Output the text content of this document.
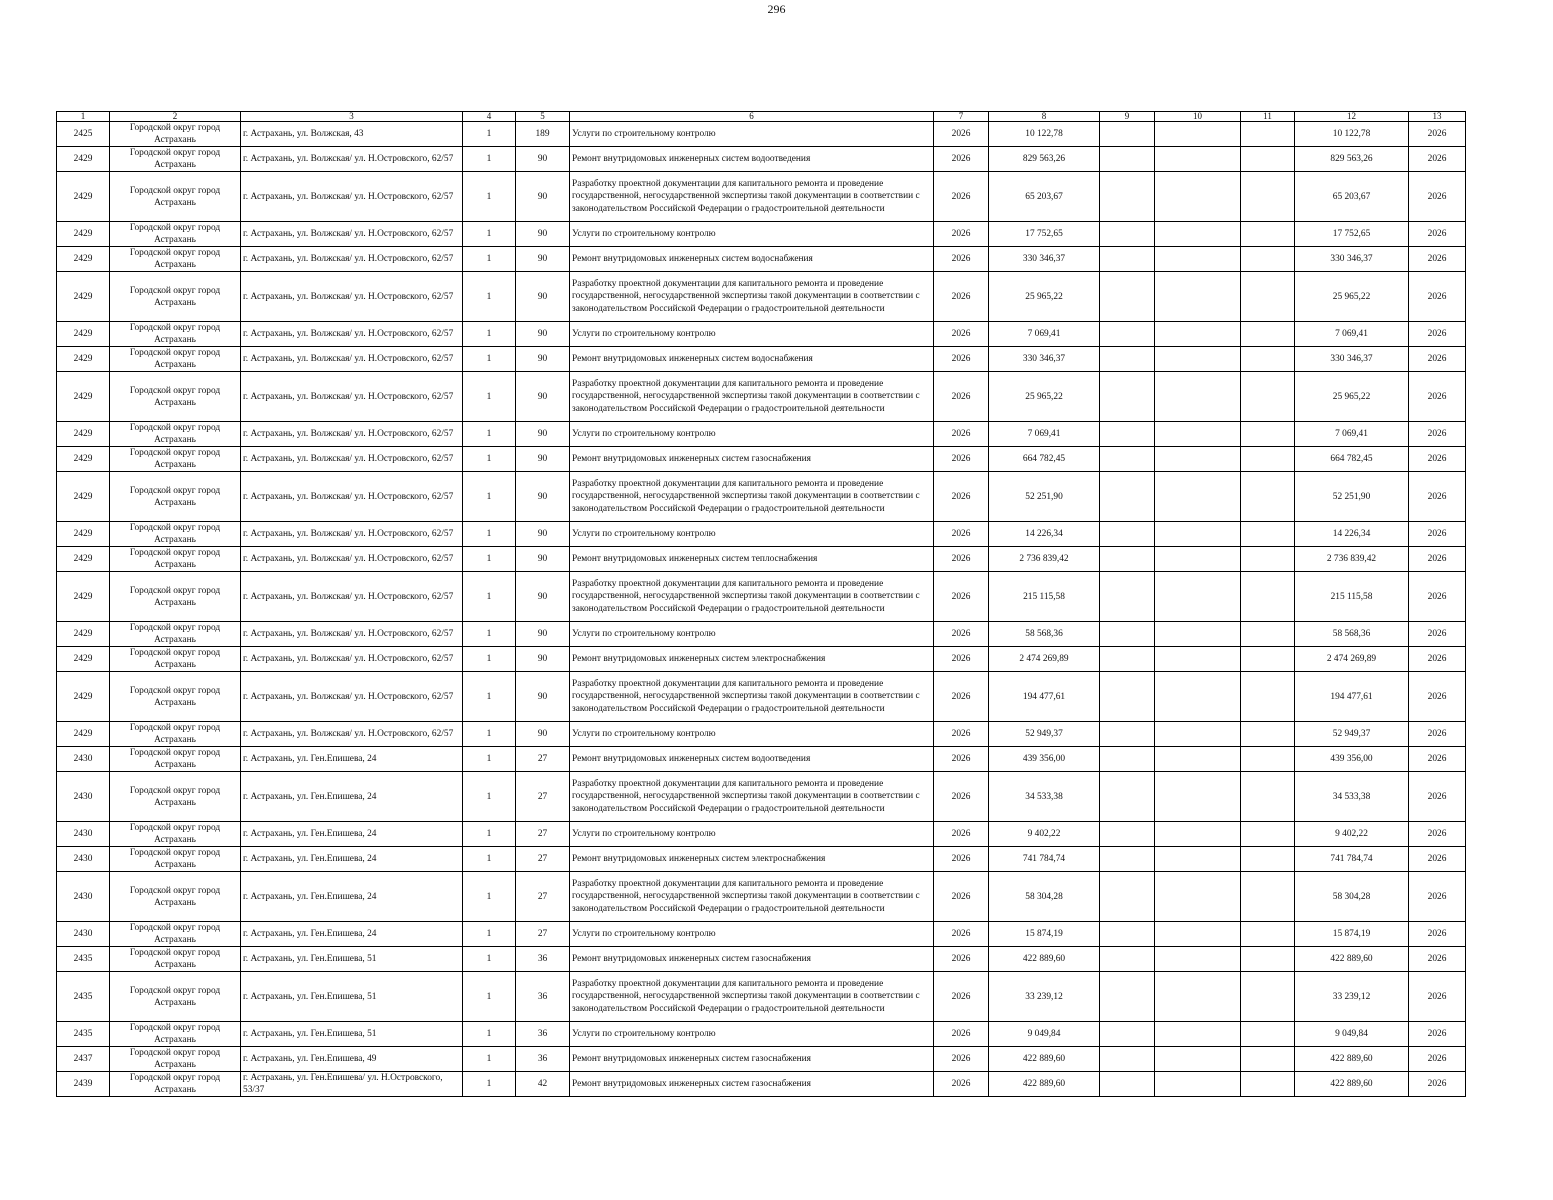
296
1	2	3	4	5	6	7	8	9	10	11	12	13
2425	Городской округ город Астрахань	г. Астрахань, ул. Волжская, 43	1	189	Услуги по строительному контролю	2026	10 122,78				10 122,78	2026
2429	Городской округ город Астрахань	г. Астрахань, ул. Волжская/ ул. Н.Островского, 62/57	1	90	Ремонт внутридомовых инженерных систем водоотведения	2026	829 563,26				829 563,26	2026
2429	Городской округ город Астрахань	г. Астрахань, ул. Волжская/ ул. Н.Островского, 62/57	1	90	Разработку проектной документации для капитального ремонта и проведение государственной, негосударственной экспертизы такой документации в соответствии с законодательством Российской Федерации о градостроительной деятельности	2026	65 203,67				65 203,67	2026
2429	Городской округ город Астрахань	г. Астрахань, ул. Волжская/ ул. Н.Островского, 62/57	1	90	Услуги по строительному контролю	2026	17 752,65				17 752,65	2026
2429	Городской округ город Астрахань	г. Астрахань, ул. Волжская/ ул. Н.Островского, 62/57	1	90	Ремонт внутридомовых инженерных систем водоснабжения	2026	330 346,37				330 346,37	2026
2429	Городской округ город Астрахань	г. Астрахань, ул. Волжская/ ул. Н.Островского, 62/57	1	90	Разработку проектной документации для капитального ремонта и проведение государственной, негосударственной экспертизы такой документации в соответствии с законодательством Российской Федерации о градостроительной деятельности	2026	25 965,22				25 965,22	2026
2429	Городской округ город Астрахань	г. Астрахань, ул. Волжская/ ул. Н.Островского, 62/57	1	90	Услуги по строительному контролю	2026	7 069,41				7 069,41	2026
2429	Городской округ город Астрахань	г. Астрахань, ул. Волжская/ ул. Н.Островского, 62/57	1	90	Ремонт внутридомовых инженерных систем водоснабжения	2026	330 346,37				330 346,37	2026
2429	Городской округ город Астрахань	г. Астрахань, ул. Волжская/ ул. Н.Островского, 62/57	1	90	Разработку проектной документации для капитального ремонта и проведение государственной, негосударственной экспертизы такой документации в соответствии с законодательством Российской Федерации о градостроительной деятельности	2026	25 965,22				25 965,22	2026
2429	Городской округ город Астрахань	г. Астрахань, ул. Волжская/ ул. Н.Островского, 62/57	1	90	Услуги по строительному контролю	2026	7 069,41				7 069,41	2026
2429	Городской округ город Астрахань	г. Астрахань, ул. Волжская/ ул. Н.Островского, 62/57	1	90	Ремонт внутридомовых инженерных систем газоснабжения	2026	664 782,45				664 782,45	2026
2429	Городской округ город Астрахань	г. Астрахань, ул. Волжская/ ул. Н.Островского, 62/57	1	90	Разработку проектной документации для капитального ремонта и проведение государственной, негосударственной экспертизы такой документации в соответствии с законодательством Российской Федерации о градостроительной деятельности	2026	52 251,90				52 251,90	2026
2429	Городской округ город Астрахань	г. Астрахань, ул. Волжская/ ул. Н.Островского, 62/57	1	90	Услуги по строительному контролю	2026	14 226,34				14 226,34	2026
2429	Городской округ город Астрахань	г. Астрахань, ул. Волжская/ ул. Н.Островского, 62/57	1	90	Ремонт внутридомовых инженерных систем теплоснабжения	2026	2 736 839,42				2 736 839,42	2026
2429	Городской округ город Астрахань	г. Астрахань, ул. Волжская/ ул. Н.Островского, 62/57	1	90	Разработку проектной документации для капитального ремонта и проведение государственной, негосударственной экспертизы такой документации в соответствии с законодательством Российской Федерации о градостроительной деятельности	2026	215 115,58				215 115,58	2026
2429	Городской округ город Астрахань	г. Астрахань, ул. Волжская/ ул. Н.Островского, 62/57	1	90	Услуги по строительному контролю	2026	58 568,36				58 568,36	2026
2429	Городской округ город Астрахань	г. Астрахань, ул. Волжская/ ул. Н.Островского, 62/57	1	90	Ремонт внутридомовых инженерных систем электроснабжения	2026	2 474 269,89				2 474 269,89	2026
2429	Городской округ город Астрахань	г. Астрахань, ул. Волжская/ ул. Н.Островского, 62/57	1	90	Разработку проектной документации для капитального ремонта и проведение государственной, негосударственной экспертизы такой документации в соответствии с законодательством Российской Федерации о градостроительной деятельности	2026	194 477,61				194 477,61	2026
2429	Городской округ город Астрахань	г. Астрахань, ул. Волжская/ ул. Н.Островского, 62/57	1	90	Услуги по строительному контролю	2026	52 949,37				52 949,37	2026
2430	Городской округ город Астрахань	г. Астрахань, ул. Ген.Епишева, 24	1	27	Ремонт внутридомовых инженерных систем водоотведения	2026	439 356,00				439 356,00	2026
2430	Городской округ город Астрахань	г. Астрахань, ул. Ген.Епишева, 24	1	27	Разработку проектной документации для капитального ремонта и проведение государственной, негосударственной экспертизы такой документации в соответствии с законодательством Российской Федерации о градостроительной деятельности	2026	34 533,38				34 533,38	2026
2430	Городской округ город Астрахань	г. Астрахань, ул. Ген.Епишева, 24	1	27	Услуги по строительному контролю	2026	9 402,22				9 402,22	2026
2430	Городской округ город Астрахань	г. Астрахань, ул. Ген.Епишева, 24	1	27	Ремонт внутридомовых инженерных систем электроснабжения	2026	741 784,74				741 784,74	2026
2430	Городской округ город Астрахань	г. Астрахань, ул. Ген.Епишева, 24	1	27	Разработку проектной документации для капитального ремонта и проведение государственной, негосударственной экспертизы такой документации в соответствии с законодательством Российской Федерации о градостроительной деятельности	2026	58 304,28				58 304,28	2026
2430	Городской округ город Астрахань	г. Астрахань, ул. Ген.Епишева, 24	1	27	Услуги по строительному контролю	2026	15 874,19				15 874,19	2026
2435	Городской округ город Астрахань	г. Астрахань, ул. Ген.Епишева, 51	1	36	Ремонт внутридомовых инженерных систем газоснабжения	2026	422 889,60				422 889,60	2026
2435	Городской округ город Астрахань	г. Астрахань, ул. Ген.Епишева, 51	1	36	Разработку проектной документации для капитального ремонта и проведение государственной, негосударственной экспертизы такой документации в соответствии с законодательством Российской Федерации о градостроительной деятельности	2026	33 239,12				33 239,12	2026
2435	Городской округ город Астрахань	г. Астрахань, ул. Ген.Епишева, 51	1	36	Услуги по строительному контролю	2026	9 049,84				9 049,84	2026
2437	Городской округ город Астрахань	г. Астрахань, ул. Ген.Епишева, 49	1	36	Ремонт внутридомовых инженерных систем газоснабжения	2026	422 889,60				422 889,60	2026
2439	Городской округ город Астрахань	г. Астрахань, ул. Ген.Епишева/ ул. Н.Островского, 53/37	1	42	Ремонт внутридомовых инженерных систем газоснабжения	2026	422 889,60				422 889,60	2026
